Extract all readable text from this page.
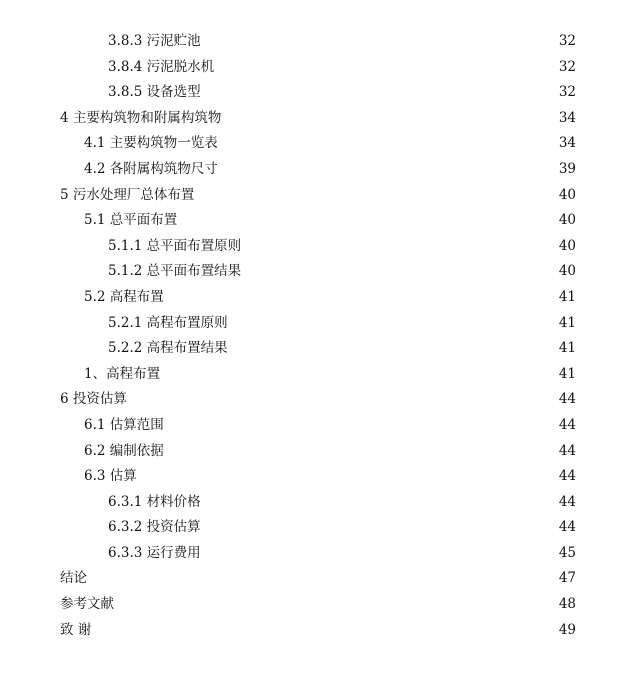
3.8.3 污泥贮池	32
3.8.4 污泥脱水机	32
3.8.5 设备选型	32
4 主要构筑物和附属构筑物	34
4.1 主要构筑物一览表	34
4.2 各附属构筑物尺寸	39
5 污水处理厂总体布置	40
5.1 总平面布置	40
5.1.1 总平面布置原则	40
5.1.2 总平面布置结果	40
5.2 高程布置	41
5.2.1 高程布置原则	41
5.2.2 高程布置结果	41
1、高程布置	41
6 投资估算	44
6.1 估算范围	44
6.2 编制依据	44
6.3 估算	44
6.3.1 材料价格	44
6.3.2 投资估算	44
6.3.3 运行费用	45
结论	47
参考文献	48
致 谢	49
